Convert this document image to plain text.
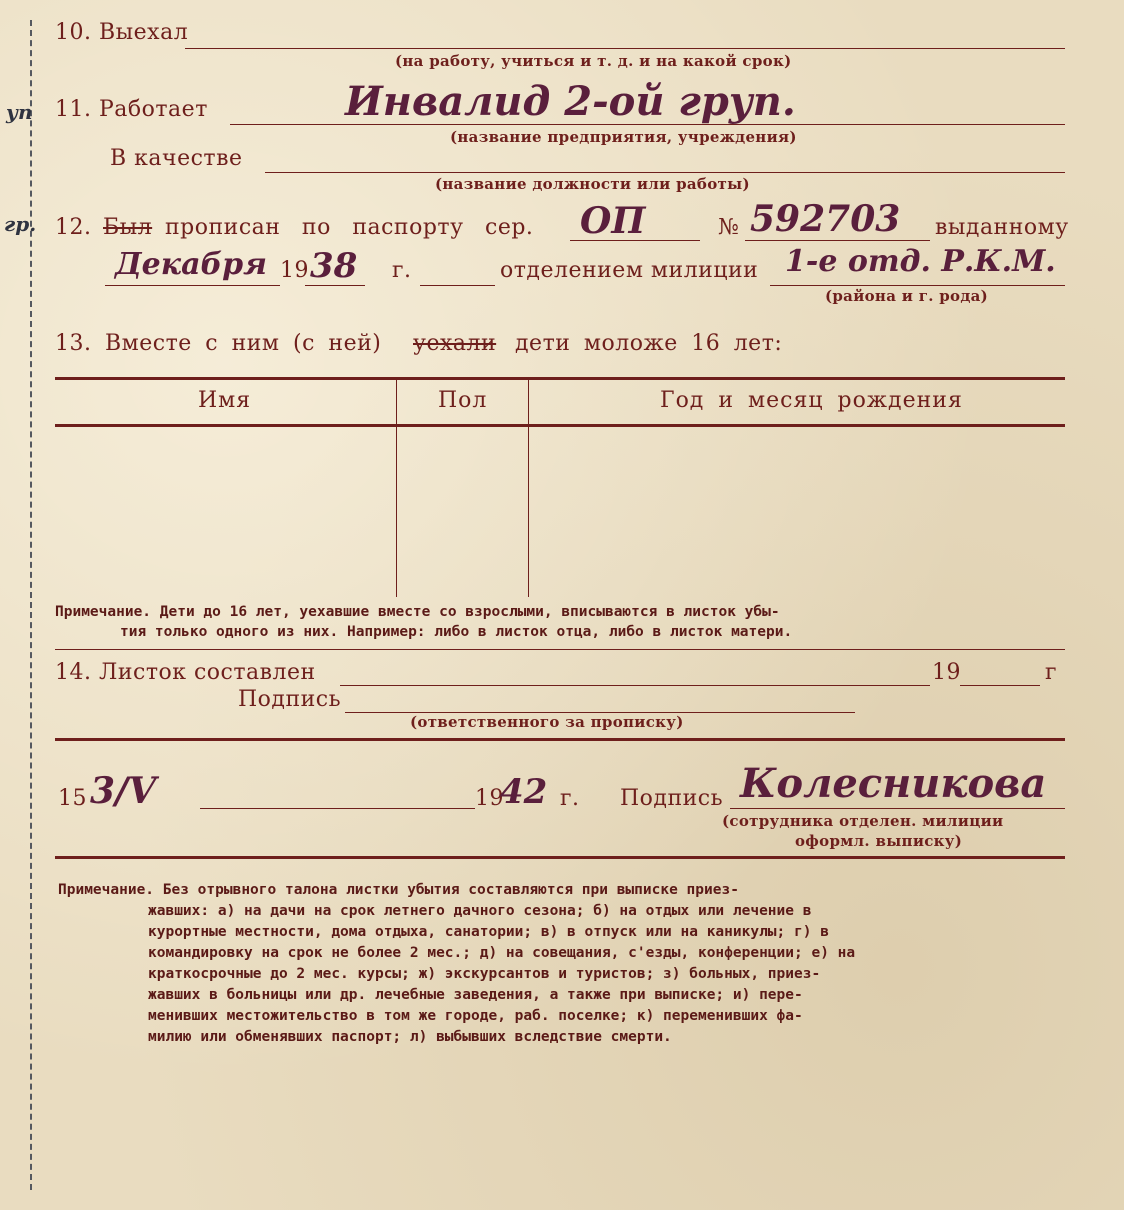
уп
гр.
10. Выехал
(на работу, учиться и т. д. и на какой срок)
11. Работает	Инвалид 2-ой груп.
(название предприятия, учреждения)
В качестве
(название должности или работы)
12. Был прописан по паспорту сер. ОП	№ 592703 выданному
Декабря 19 38 г.	отделением милиции 1-е отд. Р.К.М.
(района и г. рода)
13. Вместе с ним (с ней) уехали дети моложе 16 лет:
Имя	Пол	Год и месяц рождения
Примечание. Дети до 16 лет, уехавшие вместе со взрослыми, вписываются в листок убы-
тия только одного из них. Например: либо в листок отца, либо в листок матери.
14. Листок составлен	19	г
Подпись
(ответственного за прописку)
15 3/V	19
42 г. Подпись Колесникова
(сотрудника отделен. милиции
оформл. выписку)
Примечание. Без отрывного талона листки убытия составляются при выписке приез-
жавших: а) на дачи на срок летнего дачного сезона; б) на отдых или лечение в
курортные местности, дома отдыха, санатории; в) в отпуск или на каникулы; г) в
командировку на срок не более 2 мес.; д) на совещания, с'езды, конференции; е) на
краткосрочные до 2 мес. курсы; ж) экскурсантов и туристов; з) больных, приез-
жавших в больницы или др. лечебные заведения, а также при выписке; и) пере-
менивших местожительство в том же городе, раб. поселке; к) переменивших фа-
милию или обменявших паспорт; л) выбывших вследствие смерти.
